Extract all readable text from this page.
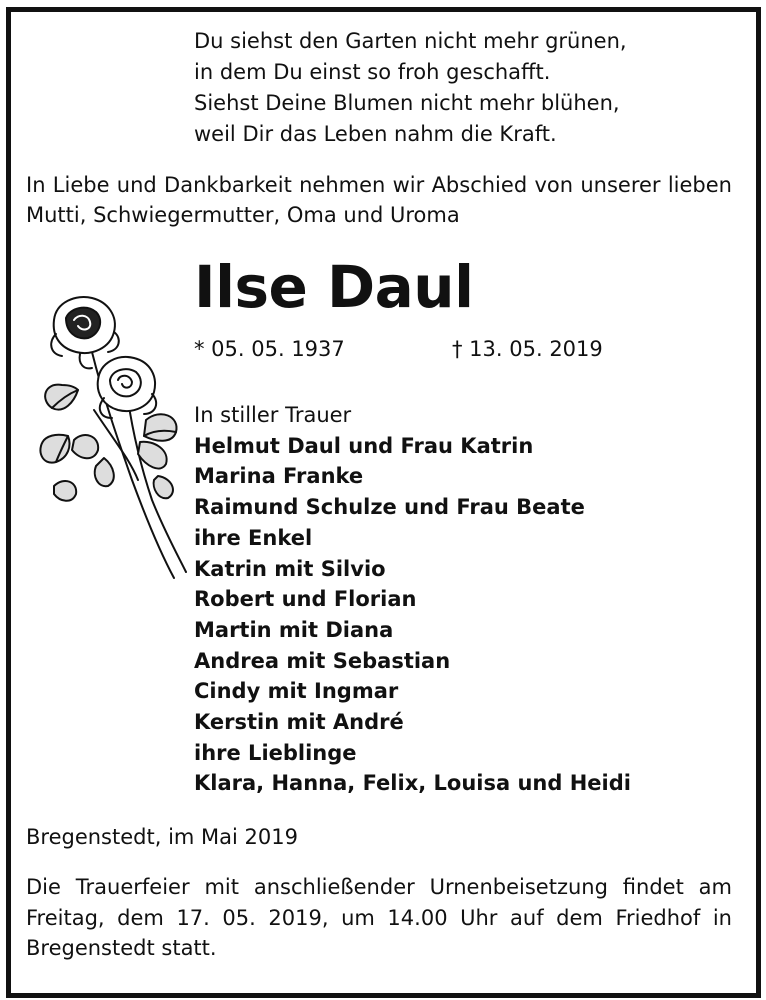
Du siehst den Garten nicht mehr grünen,
in dem Du einst so froh geschafft.
Siehst Deine Blumen nicht mehr blühen,
weil Dir das Leben nahm die Kraft.
In Liebe und Dankbarkeit nehmen wir Abschied von unserer lieben Mutti, Schwiegermutter, Oma und Uroma
Ilse Daul
* 05. 05. 1937	† 13. 05. 2019
In stiller Trauer
Helmut Daul und Frau Katrin
Marina Franke
Raimund Schulze und Frau Beate
ihre Enkel
Katrin mit Silvio
Robert und Florian
Martin mit Diana
Andrea mit Sebastian
Cindy mit Ingmar
Kerstin mit André
ihre Lieblinge
Klara, Hanna, Felix, Louisa und Heidi
Bregenstedt, im Mai 2019
Die Trauerfeier mit anschließender Urnenbeisetzung findet am Freitag, dem 17. 05. 2019, um 14.00 Uhr auf dem Friedhof in Bregenstedt statt.
